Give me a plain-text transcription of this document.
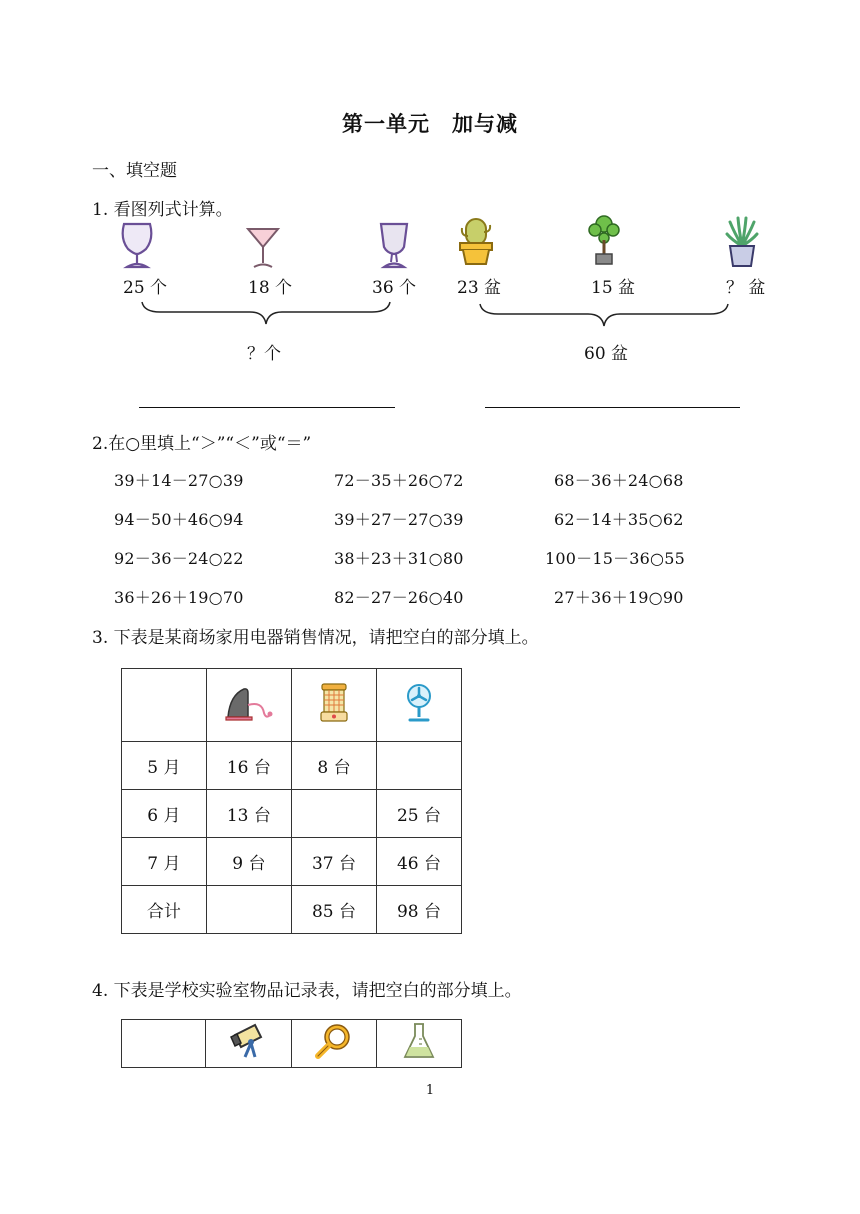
第一单元　加与减
一、填空题
1. 看图列式计算。
25 个	18 个	36 个
？个
23 盆	15 盆	？ 盆
60 盆
2.在○里填上“＞”“＜”或“＝”
39＋14－27○39	72－35＋26○72	68－36＋24○68
94－50＋46○94	39＋27－27○39	62－14＋35○62
92－36－24○22	38＋23＋31○80	100－15－36○55
36＋26＋19○70	82－27－26○40	27＋36＋19○90
3. 下表是某商场家用电器销售情况，请把空白的部分填上。

5 月	16 台	8 台	
6 月	13 台		25 台
7 月	9 台	37 台	46 台
合计		85 台	98 台
4. 下表是学校实验室物品记录表，请把空白的部分填上。

1
